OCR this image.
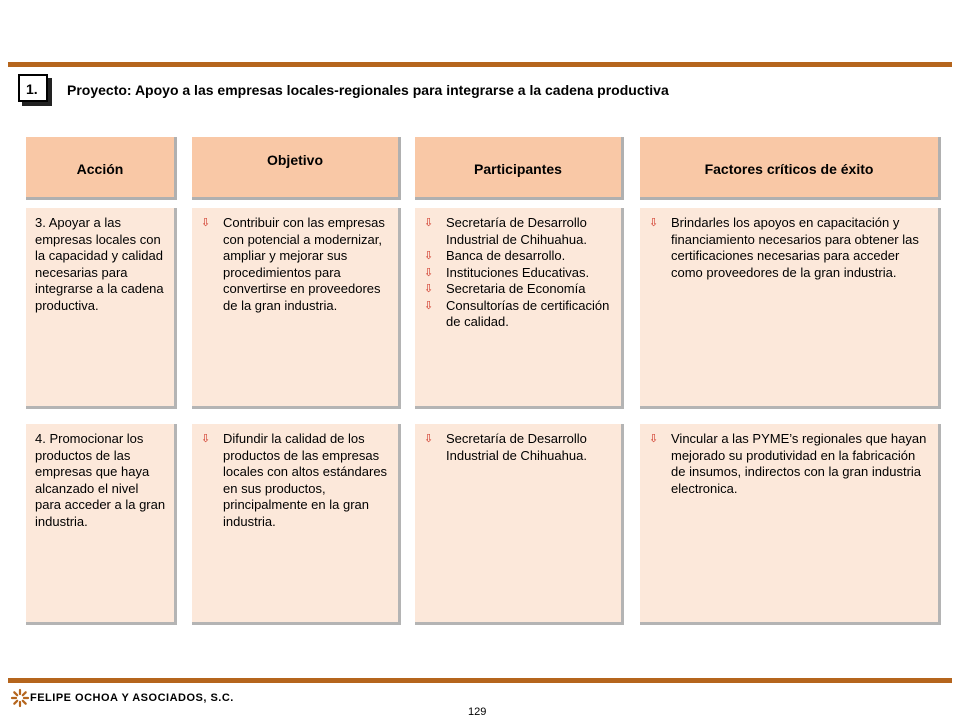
1.	Proyecto: Apoyo a las empresas locales-regionales para integrarse a la cadena productiva
Acción
Objetivo
Participantes	Factores críticos de éxito
3. Apoyar a las empresas locales con la capacidad y calidad necesarias para integrarse a la cadena productiva.
⇩ Contribuir con las empresas con potencial a modernizar, ampliar y mejorar sus procedimientos para convertirse en proveedores de la gran industria.
⇩ Secretaría de Desarrollo Industrial de Chihuahua.
⇩ Banca de desarrollo.
⇩ Instituciones Educativas.
⇩ Secretaria de Economía
⇩ Consultorías de certificación de calidad.
⇩ Brindarles los apoyos en capacitación y financiamiento necesarios para obtener las certificaciones necesarias para acceder como proveedores de la gran industria.
4. Promocionar los productos de las empresas que haya alcanzado el nivel para acceder a la gran industria.
⇩ Difundir la calidad de los productos de las empresas locales con altos estándares en sus productos, principalmente en la gran industria.
⇩ Secretaría de Desarrollo Industrial de Chihuahua.
⇩ Vincular a las PYME’s regionales que hayan mejorado su produtividad en la fabricación de insumos, indirectos con la gran industria electronica.
FELIPE OCHOA Y ASOCIADOS, S.C.
129
